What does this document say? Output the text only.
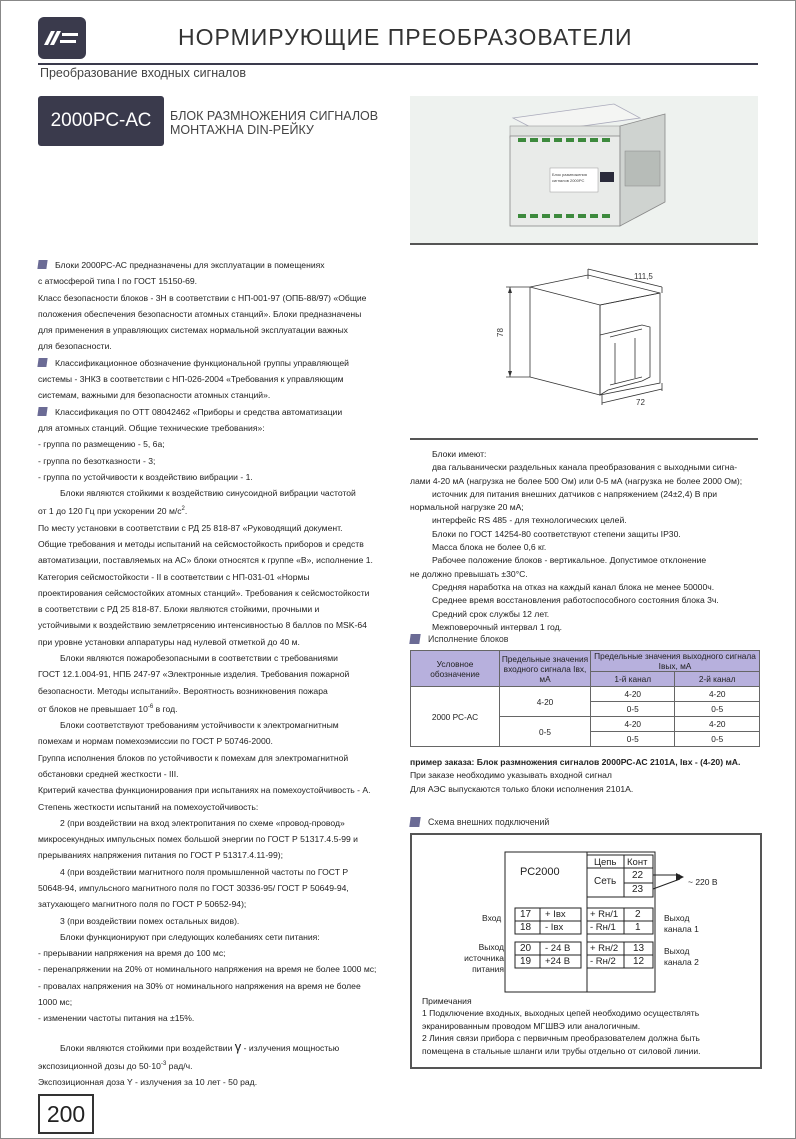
НОРМИРУЮЩИЕ ПРЕОБРАЗОВАТЕЛИ
Преобразование входных сигналов
2000РС-АС	БЛОК РАЗМНОЖЕНИЯ СИГНАЛОВ
МОНТАЖНА DIN-РЕЙКУ
Блок размножения
сигналов 2000РС
111,5
78
72

Блоки 2000РС-АС предназначены для эксплуатации в помещениях

с атмосферой типа I по ГОСТ 15150-69.

Класс безопасности блоков - 3Н в соответствии с НП-001-97 (ОПБ-88/97) «Общие

положения обеспечения безопасности атомных станций». Блоки предназначены

для применения в управляющих системах нормальной эксплуатации важных

для безопасности.

Классификационное обозначение функциональной группы управляющей

системы - 3НКЗ в соответствии с НП-026-2004 «Требования к управляющим

системам, важными для безопасности атомных станций».

Классификация по ОТТ 08042462 «Приборы и средства автоматизации

для атомных станций. Общие технические требования»:

- группа по размещению - 5, 6а;

- группа по безотказности - 3;

- группа по устойчивости к воздействию вибрации - 1.

Блоки являются стойкими к воздействию синусоидной вибрации частотой

от 1 до 120 Гц при ускорении 20 $м/с^2$.

По месту установки в соответствии с РД 25 818-87 «Руководящий документ.

Общие требования и методы испытаний на сейсмостойкость приборов и средств

автоматизации, поставляемых на АС» блоки относятся к группе «В», исполнение 1.

Категория сейсмостойкости - II в соответствии с НП-031-01 «Нормы

проектирования сейсмостойких атомных станций». Требования к сейсмостойкости

в соответствии с РД 25 818-87. Блоки являются стойкими, прочными и

устойчивыми к воздействию землетрясению интенсивностью 8 баллов по MSK-64

при уровне установки аппаратуры над нулевой отметкой до 40 м.

Блоки являются пожаробезопасными в соответствии с требованиями

ГОСТ 12.1.004-91, НПБ 247-97 «Электронные изделия. Требования пожарной

безопасности. Методы испытаний». Вероятность возникновения пожара

от блоков не превышает $10^{-6}$ в год.

Блоки соответствуют требованиям устойчивости к электромагнитным

помехам и нормам помехоэмиссии по ГОСТ Р 50746-2000.

Группа исполнения блоков по устойчивости к помехам для электромагнитной

обстановки средней жесткости - III.

Критерий качества функционирования при испытаниях на помехоустойчивость - А.

Степень жесткости испытаний на помехоустойчивость:

2 (при воздействии на вход электропитания по схеме «провод-провод»

микросекундных импульсных помех большой энергии по ГОСТ Р 51317.4.5-99 и

прерываниях напряжения питания по ГОСТ Р 51317.4.11-99);

4 (при воздействии магнитного поля промышленной частоты по ГОСТ Р

50648-94, импульсного магнитного поля по ГОСТ 30336-95/ ГОСТ Р 50649-94,

затухающего магнитного поля по ГОСТ Р 50652-94);

3 (при воздействии помех остальных видов).

Блоки функционируют при следующих колебаниях сети питания:

- прерывании напряжения на время до 100 мс;

- перенапряжении на 20% от номинального напряжения на время не более 1000 мс;

- провалах напряжения на 30% от номинального напряжения на время не более

1000 мс;

- изменении частоты питания на ±15%.

Блоки являются стойкими при воздействии γ - излучения мощностью

экспозиционной дозы до $50\cdot 10^{-3}$ рад/ч.

Экспозиционная доза Y - излучения за 10 лет - 50 рад.

Блоки имеют:

два гальванически раздельных канала преобразования с выходными сигна-

лами 4-20 мА (нагрузка не более 500 Ом) или 0-5 мА (нагрузка не более 2000 Ом);

источник для питания внешних датчиков с напряжением (24±2,4) В при

нормальной нагрузке 20 мА;

интерфейс RS 485 - для технологических целей.

Блоки по ГОСТ 14254-80 соответствуют степени защиты IP30.

Масса блока не более 0,6 кг.

Рабочее положение блоков - вертикальное. Допустимое отклонение

не должно превышать ±30°С.

Средняя наработка на отказ на каждый канал блока не менее 50000ч.

Среднее время восстановления работоспособного состояния блока 3ч.

Средний срок службы 12 лет.

Межповерочный интервал 1 год.

Исполнение блоков
Условное обозначение	Предельные значения входного сигнала Iвх, мА	Предельные значения выходного сигнала Iвых, мА	
		1-й канал	2-й канал
2000 РС-АС	4-20	4-20	4-20
		0-5	0-5
	0-5	4-20	4-20
		0-5	0-5

пример заказа: Блок размножения сигналов 2000РС-АС 2101А, Iвх - (4-20) мА.

При заказе необходимо указывать входной сигнал

Для АЭС выпускаются только блоки исполнения 2101А.

Схема внешних подключений
РС2000
Цепь Конт
Сеть
22
23
~ 220 В
Вход 17 + Iвх
18 - Iвх
+ Rн/1 2
- Rн/1 1
Выход
канала 1
Выход
источника
питания
20 - 24 В
19 +24 В
+ Rн/2 13
- Rн/2 12
Выход
канала 2
Примечания
1 Подключение входных, выходных цепей необходимо осуществлять
экранированным проводом МГШВЭ или аналогичным.
2 Линия связи прибора с первичным преобразователем должна быть
помещена в стальные шланги или трубы отдельно от силовой линии.
200
